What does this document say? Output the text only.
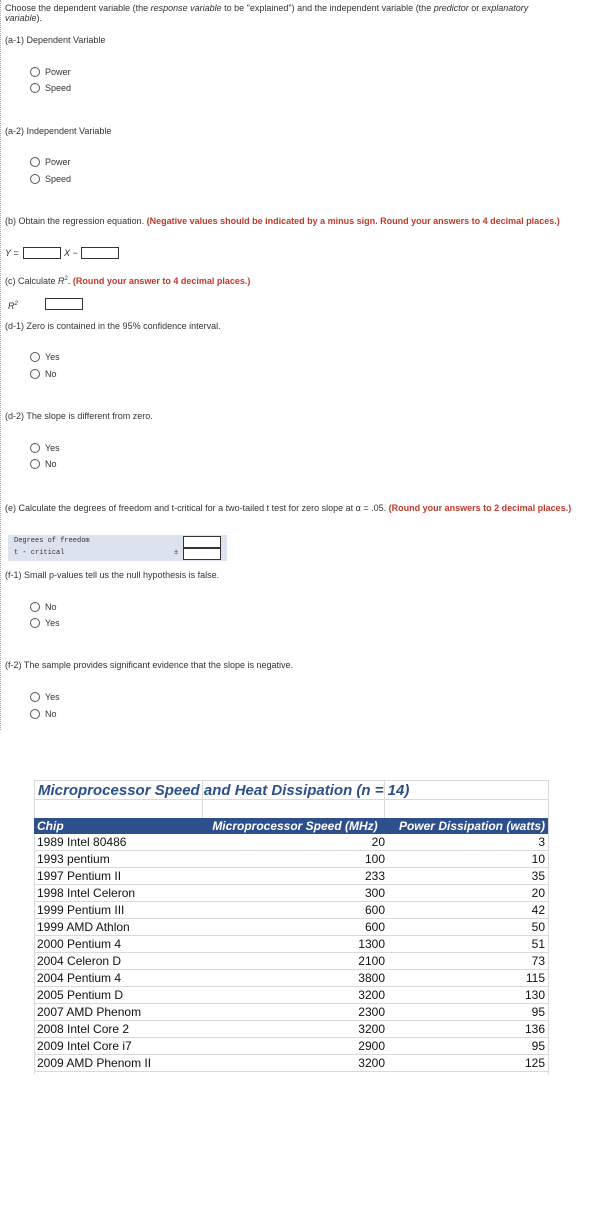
Choose the dependent variable (the response variable to be "explained") and the independent variable (the predictor or explanatory
variable).
(a-1) Dependent Variable
Power
Speed
(a-2) Independent Variable
Power
Speed
(b) Obtain the regression equation. (Negative values should be indicated by a minus sign. Round your answers to 4 decimal places.)
Y =	X −
(c) Calculate $R^2$. (Round your answer to 4 decimal places.)
$R^2$
(d-1) Zero is contained in the 95% confidence interval.
Yes
No
(d-2) The slope is different from zero.
Yes
No
(e) Calculate the degrees of freedom and t-critical for a two-tailed t test for zero slope at α = .05. (Round your answers to 2 decimal places.)
Degrees of freedom
t - critical	±
(f-1) Small p-values tell us the null hypothesis is false.
No
Yes
(f-2) The sample provides significant evidence that the slope is negative.
Yes
No
Microprocessor Speed and Heat Dissipation (n = 14)
Chip	Microprocessor Speed (MHz)	Power Dissipation (watts)
1989 Intel 80486	20	3
1993 pentium	100	10
1997 Pentium II	233	35
1998 Intel Celeron	300	20
1999 Pentium III	600	42
1999 AMD Athlon	600	50
2000 Pentium 4	1300	51
2004 Celeron D	2100	73
2004 Pentium 4	3800	115
2005 Pentium D	3200	130
2007 AMD Phenom	2300	95
2008 Intel Core 2	3200	136
2009 Intel Core i7	2900	95
2009 AMD Phenom II	3200	125
